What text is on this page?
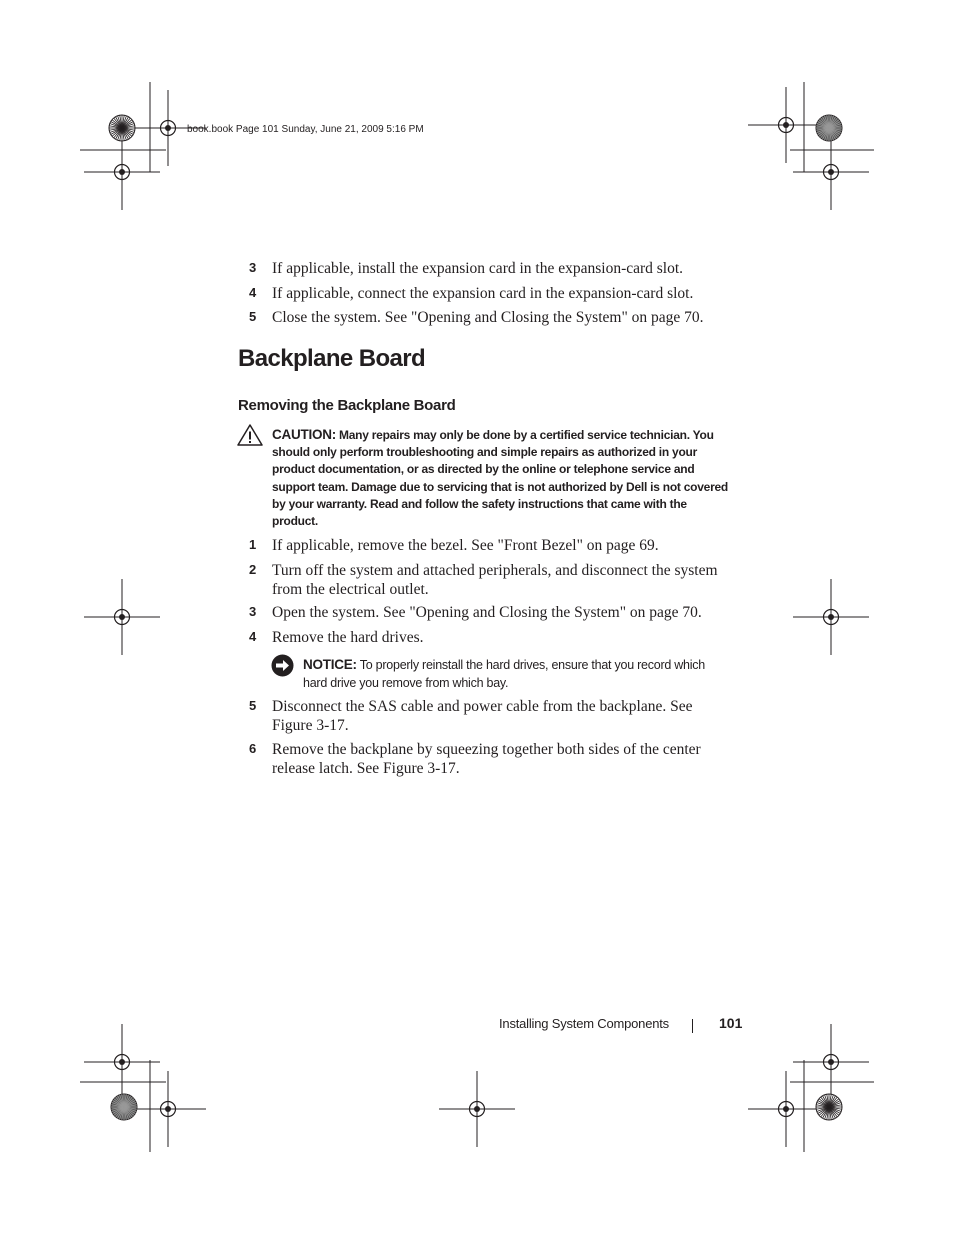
book.book Page 101 Sunday, June 21, 2009 5:16 PM
3 If applicable, install the expansion card in the expansion-card slot.
4 If applicable, connect the expansion card in the expansion-card slot.
5 Close the system. See "Opening and Closing the System" on page 70.
Backplane Board
Removing the Backplane Board
CAUTION: Many repairs may only be done by a certified service technician. You
should only perform troubleshooting and simple repairs as authorized in your
product documentation, or as directed by the online or telephone service and
support team. Damage due to servicing that is not authorized by Dell is not covered
by your warranty. Read and follow the safety instructions that came with the
product.
1 If applicable, remove the bezel. See "Front Bezel" on page 69.
2 Turn off the system and attached peripherals, and disconnect the system
from the electrical outlet.
3 Open the system. See "Opening and Closing the System" on page 70.
4 Remove the hard drives.
NOTICE: To properly reinstall the hard drives, ensure that you record which
hard drive you remove from which bay.
5 Disconnect the SAS cable and power cable from the backplane. See
Figure 3-17.
6 Remove the backplane by squeezing together both sides of the center
release latch. See Figure 3-17.
Installing System Components	101
